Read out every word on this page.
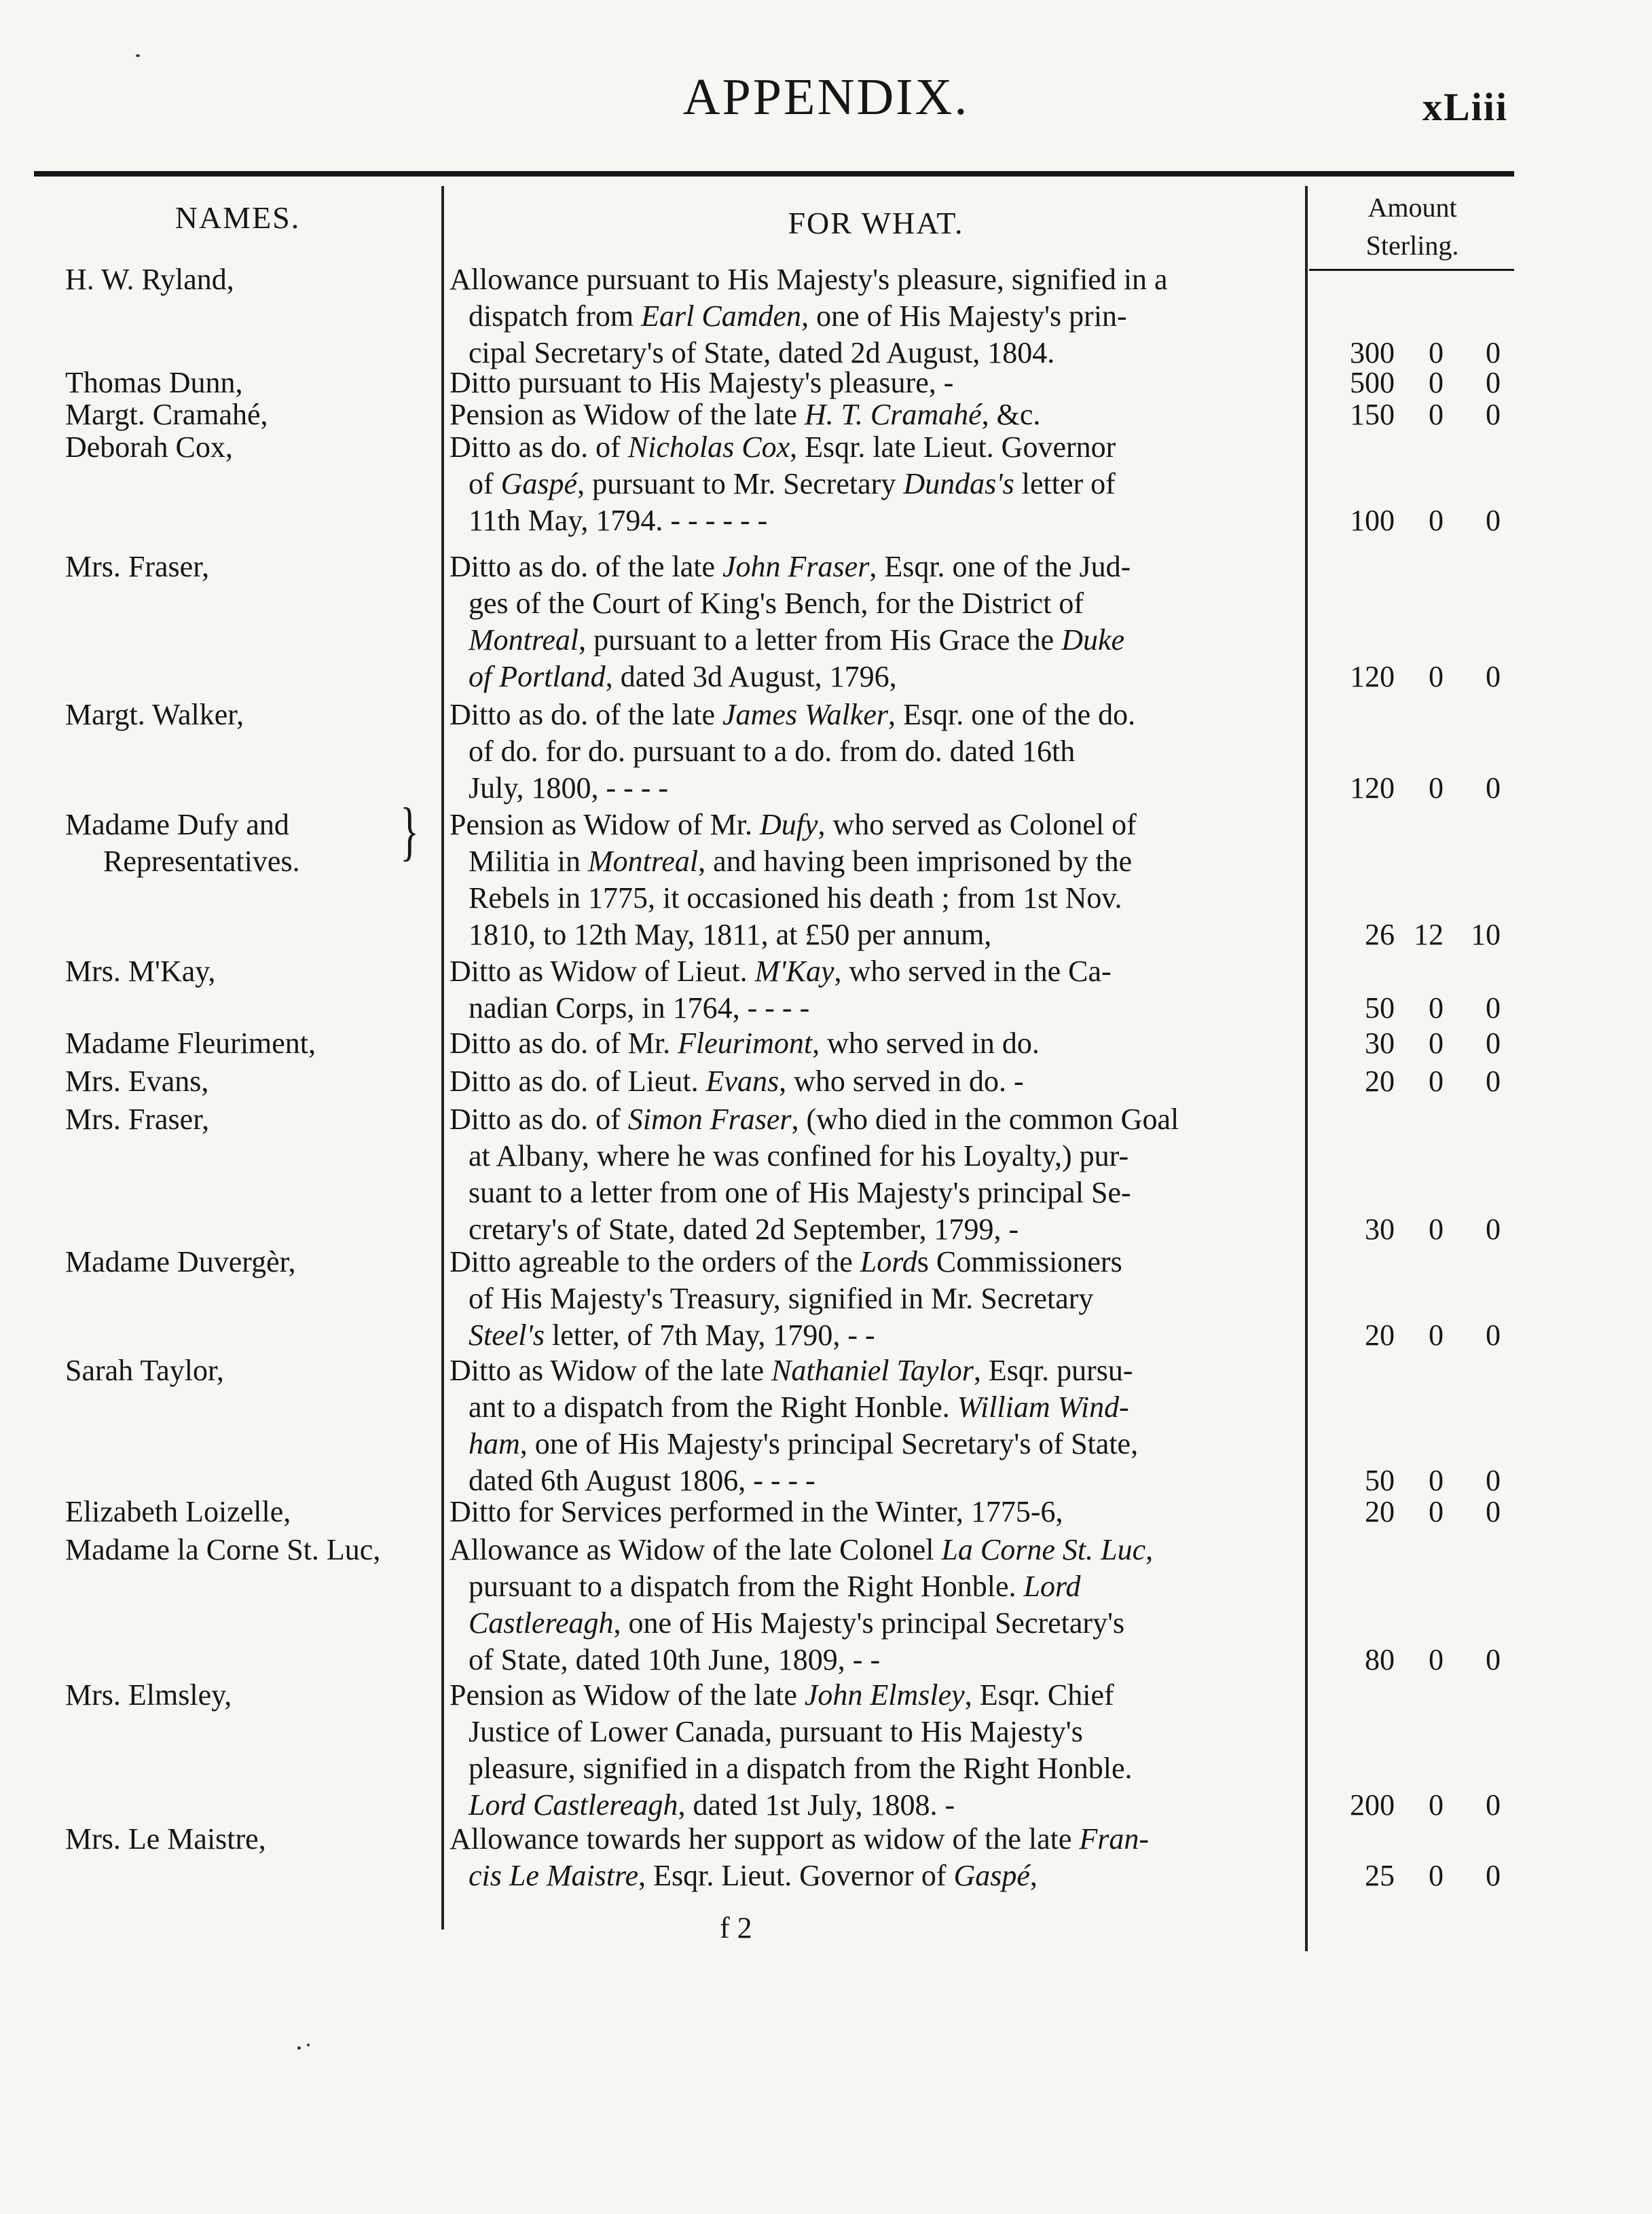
APPENDIX.	xLiii
NAMES.	FOR WHAT.	Amount
Sterling.
H. W. Ryland,	Allowance pursuant to His Majesty's pleasure, signified in a
dispatch from Earl Camden, one of His Majesty's prin-
cipal Secretary's of State, dated 2d August, 1804.	300	0	0
Thomas Dunn,	Ditto pursuant to His Majesty's pleasure, -	500	0	0
Margt. Cramahé,	Pension as Widow of the late H. T. Cramahé, &c.	150	0	0
Deborah Cox,	Ditto as do. of Nicholas Cox, Esqr. late Lieut. Governor
of Gaspé, pursuant to Mr. Secretary Dundas's letter of
11th May, 1794. - - - - - -	100	0	0
Mrs. Fraser,	Ditto as do. of the late John Fraser, Esqr. one of the Jud-
ges of the Court of King's Bench, for the District of
Montreal, pursuant to a letter from His Grace the Duke
of Portland, dated 3d August, 1796,	120	0	0
Margt. Walker,	Ditto as do. of the late James Walker, Esqr. one of the do.
of do. for do. pursuant to a do. from do. dated 16th
July, 1800, - - - -	120	0	0
Madame Dufy and
Representatives.	} Pension as Widow of Mr. Dufy, who served as Colonel of
Militia in Montreal, and having been imprisoned by the
Rebels in 1775, it occasioned his death ; from 1st Nov.
1810, to 12th May, 1811, at £50 per annum,	26 12 10
Mrs. M'Kay,	Ditto as Widow of Lieut. M'Kay, who served in the Ca-
nadian Corps, in 1764, - - - -	50	0	0
Madame Fleuriment,	Ditto as do. of Mr. Fleurimont, who served in do.	30	0	0
Mrs. Evans,	Ditto as do. of Lieut. Evans, who served in do. -	20	0	0
Mrs. Fraser,	Ditto as do. of Simon Fraser, (who died in the common Goal
at Albany, where he was confined for his Loyalty,) pur-
suant to a letter from one of His Majesty's principal Se-
cretary's of State, dated 2d September, 1799, -	30	0	0
Madame Duvergèr,	Ditto agreable to the orders of the Lords Commissioners
of His Majesty's Treasury, signified in Mr. Secretary
Steel's letter, of 7th May, 1790, - -	20	0	0
Sarah Taylor,	Ditto as Widow of the late Nathaniel Taylor, Esqr. pursu-
ant to a dispatch from the Right Honble. William Wind-
ham, one of His Majesty's principal Secretary's of State,
dated 6th August 1806, - - - -	50	0	0
Elizabeth Loizelle,	Ditto for Services performed in the Winter, 1775-6,	20	0	0
Madame la Corne St. Luc,	Allowance as Widow of the late Colonel La Corne St. Luc,
pursuant to a dispatch from the Right Honble. Lord
Castlereagh, one of His Majesty's principal Secretary's
of State, dated 10th June, 1809, - -	80	0	0
Mrs. Elmsley,	Pension as Widow of the late John Elmsley, Esqr. Chief
Justice of Lower Canada, pursuant to His Majesty's
pleasure, signified in a dispatch from the Right Honble.
Lord Castlereagh, dated 1st July, 1808. -	200	0	0
Mrs. Le Maistre,	Allowance towards her support as widow of the late Fran-
cis Le Maistre, Esqr. Lieut. Governor of Gaspé,	25	0	0
f 2
